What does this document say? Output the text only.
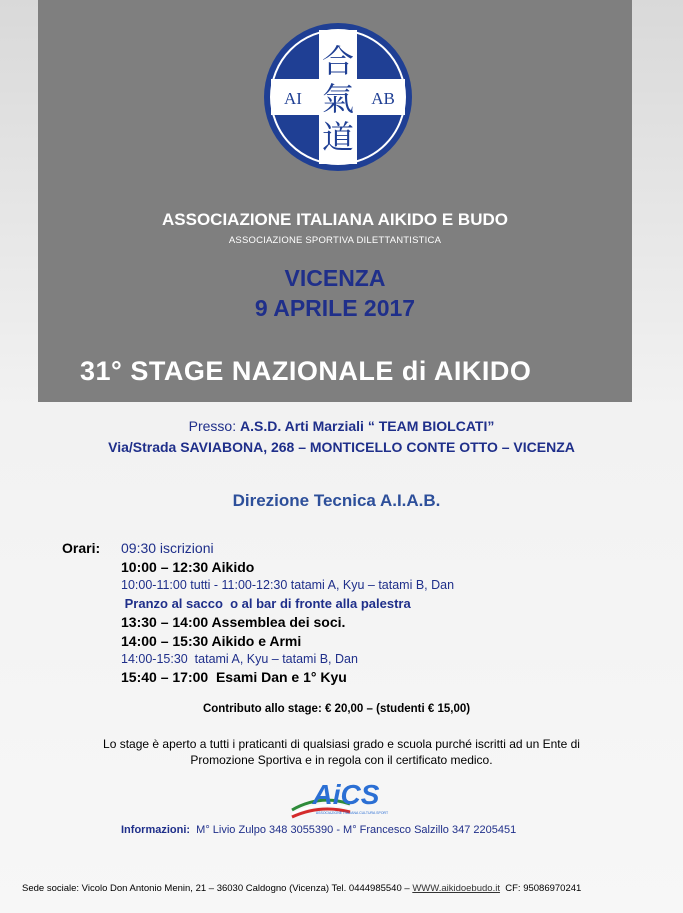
AI	AB
合
氣
道
ASSOCIAZIONE ITALIANA AIKIDO E BUDO
ASSOCIAZIONE SPORTIVA DILETTANTISTICA
VICENZA
9 APRILE 2017
31° STAGE NAZIONALE di AIKIDO
Presso: A.S.D. Arti Marziali “ TEAM BIOLCATI”
Via/Strada SAVIABONA, 268 – MONTICELLO CONTE OTTO – VICENZA
Direzione Tecnica A.I.A.B.
Orari: 09:30 iscrizioni
10:00 – 12:30 Aikido
10:00-11:00 tutti - 11:00-12:30 tatami A, Kyu – tatami B, Dan
Pranzo al sacco  o al bar di fronte alla palestra
13:30 – 14:00 Assemblea dei soci.
14:00 – 15:30 Aikido e Armi
14:00-15:30  tatami A, Kyu – tatami B, Dan
15:40 – 17:00  Esami Dan e 1° Kyu
Contributo allo stage: € 20,00 – (studenti € 15,00)
Lo stage è aperto a tutti i praticanti di qualsiasi grado e scuola purché iscritti ad un Ente di
Promozione Sportiva e in regola con il certificato medico.
AiCS
ASSOCIAZIONE ITALIANA CULTURA SPORT
Informazioni:  M° Livio Zulpo 348 3055390 - M° Francesco Salzillo 347 2205451
Sede sociale: Vicolo Don Antonio Menin, 21 – 36030 Caldogno (Vicenza) Tel. 0444985540 – WWW.aikidoebudo.it  CF: 95086970241
